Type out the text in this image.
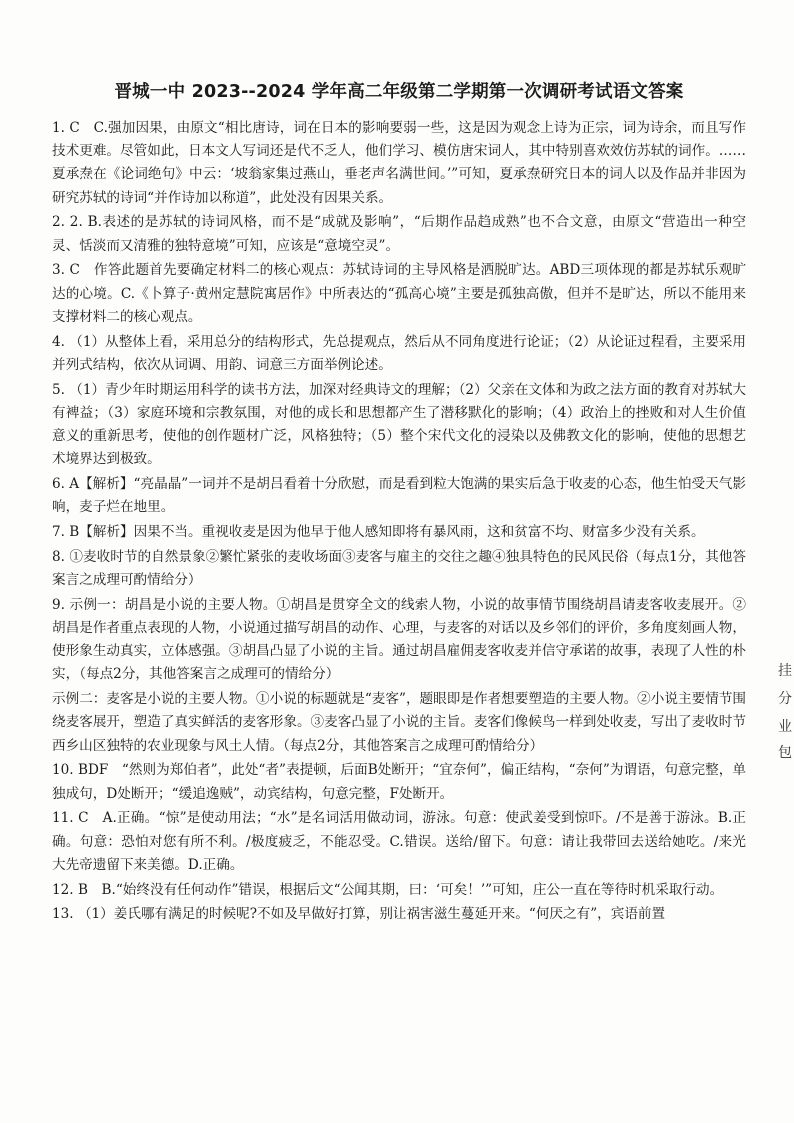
晋城一中 2023--2024 学年高二年级第二学期第一次调研考试语文答案

1. C　C.强加因果，由原文“相比唐诗，词在日本的影响要弱一些，这是因为观念上诗为正宗，词为诗余，而且写作技术更难。尽管如此，日本文人写词还是代不乏人，他们学习、模仿唐宋词人，其中特别喜欢效仿苏轼的词作。……夏承焘在《论词绝句》中云：‘坡翁家集过燕山，垂老声名满世间。’”可知，夏承焘研究日本的词人以及作品并非因为研究苏轼的诗词“并作诗加以称道”，此处没有因果关系。

2. 2. B.表述的是苏轼的诗词风格，而不是“成就及影响”，“后期作品趋成熟”也不合文意，由原文“营造出一种空灵、恬淡而又清雅的独特意境”可知，应该是“意境空灵”。

3. C　作答此题首先要确定材料二的核心观点：苏轼诗词的主导风格是洒脱旷达。ABD三项体现的都是苏轼乐观旷达的心境。C.《卜算子·黄州定慧院寓居作》中所表达的“孤高心境”主要是孤独高傲，但并不是旷达，所以不能用来支撑材料二的核心观点。

4. （1）从整体上看，采用总分的结构形式，先总提观点，然后从不同角度进行论证；（2）从论证过程看，主要采用并列式结构，依次从词调、用韵、词意三方面举例论述。

5. （1）青少年时期运用科学的读书方法，加深对经典诗文的理解；（2）父亲在文体和为政之法方面的教育对苏轼大有裨益；（3）家庭环境和宗教氛围，对他的成长和思想都产生了潜移默化的影响；（4）政治上的挫败和对人生价值意义的重新思考，使他的创作题材广泛，风格独特；（5）整个宋代文化的浸染以及佛教文化的影响，使他的思想艺术境界达到极致。

6. A【解析】“亮晶晶”一词并不是胡吕看着十分欣慰，而是看到粒大饱满的果实后急于收麦的心态，他生怕受天气影响，麦子烂在地里。

7. B【解析】因果不当。重视收麦是因为他早于他人感知即将有暴风雨，这和贫富不均、财富多少没有关系。

8. ①麦收时节的自然景象②繁忙紧张的麦收场面③麦客与雇主的交往之趣④独具特色的民风民俗（每点1分，其他答案言之成理可酌情给分）

9. 示例一：胡昌是小说的主要人物。①胡昌是贯穿全文的线索人物，小说的故事情节围绕胡昌请麦客收麦展开。②胡昌是作者重点表现的人物，小说通过描写胡昌的动作、心理，与麦客的对话以及乡邻们的评价，多角度刻画人物，使形象生动真实，立体感强。③胡昌凸显了小说的主旨。通过胡昌雇佣麦客收麦并信守承诺的故事，表现了人性的朴实，（每点2分，其他答案言之成理可的情给分）

示例二：麦客是小说的主要人物。①小说的标题就是“麦客”，题眼即是作者想要塑造的主要人物。②小说主要情节围绕麦客展开，塑造了真实鲜活的麦客形象。③麦客凸显了小说的主旨。麦客们像候鸟一样到处收麦，写出了麦收时节西乡山区独特的农业现象与风土人情。（每点2分，其他答案言之成理可酌情给分）

10. BDF　“然则为郑伯者”，此处“者”表提顿，后面B处断开；“宜奈何”，偏正结构，“奈何”为谓语，句意完整，单独成句，D处断开；“缓追逸贼”，动宾结构，句意完整，F处断开。

11. C　A.正确。“惊”是使动用法；“水”是名词活用做动词，游泳。句意：使武姜受到惊吓。/不是善于游泳。B.正确。句意：恐怕对您有所不利。/极度疲乏，不能忍受。C.错误。送给/留下。句意：请让我带回去送给她吃。/来光大先帝遗留下来美德。D.正确。

12. B　B.“始终没有任何动作”错误，根据后文“公闻其期，曰：‘可矣！’”可知，庄公一直在等待时机采取行动。

13. （1）姜氏哪有满足的时候呢?不如及早做好打算，别让祸害滋生蔓延开来。“何厌之有”，宾语前置

挂
分
业
包
